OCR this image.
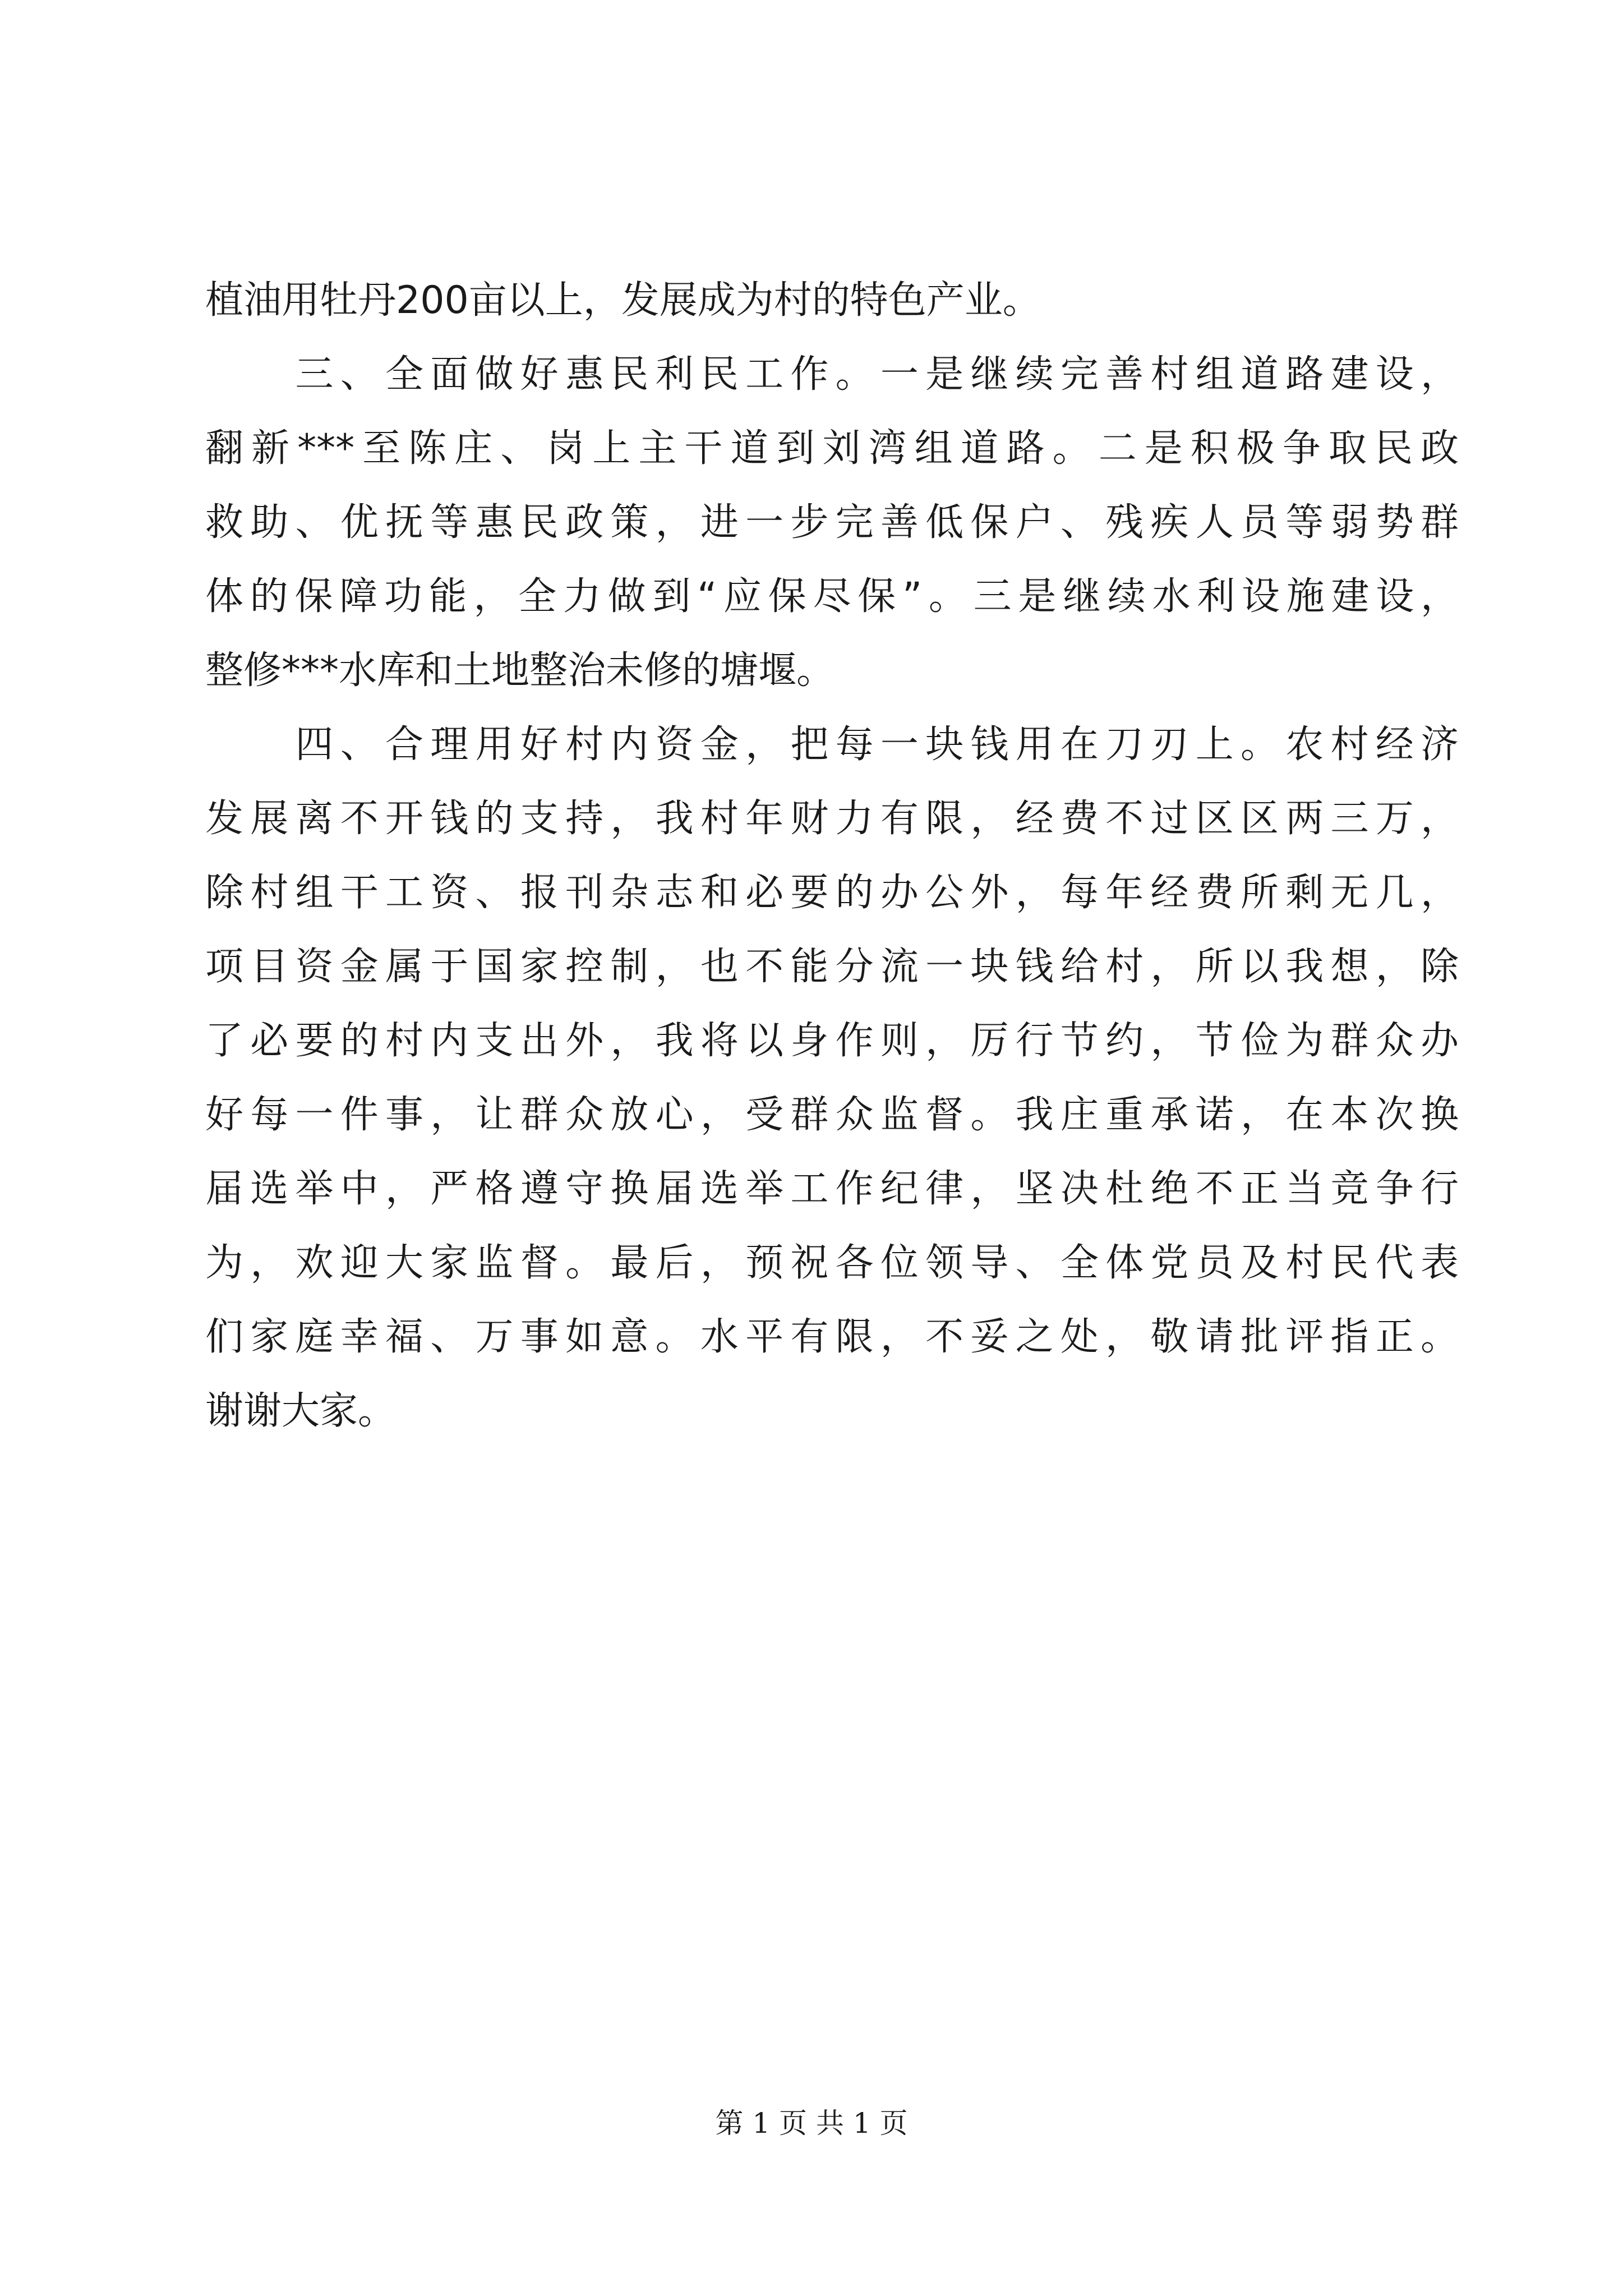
植油用牡丹200亩以上，发展成为村的特色产业。
　　三、全面做好惠民利民工作。一是继续完善村组道路建设，
翻新***至陈庄、岗上主干道到刘湾组道路。二是积极争取民政
救助、优抚等惠民政策，进一步完善低保户、残疾人员等弱势群
体的保障功能，全力做到“应保尽保”。三是继续水利设施建设，
整修***水库和土地整治未修的塘堰。
　　四、合理用好村内资金，把每一块钱用在刀刃上。农村经济
发展离不开钱的支持，我村年财力有限，经费不过区区两三万，
除村组干工资、报刊杂志和必要的办公外，每年经费所剩无几，
项目资金属于国家控制，也不能分流一块钱给村，所以我想，除
了必要的村内支出外，我将以身作则，厉行节约，节俭为群众办
好每一件事，让群众放心，受群众监督。我庄重承诺，在本次换
届选举中，严格遵守换届选举工作纪律，坚决杜绝不正当竞争行
为，欢迎大家监督。最后，预祝各位领导、全体党员及村民代表
们家庭幸福、万事如意。水平有限，不妥之处，敬请批评指正。
谢谢大家。
第 1 页 共 1 页
